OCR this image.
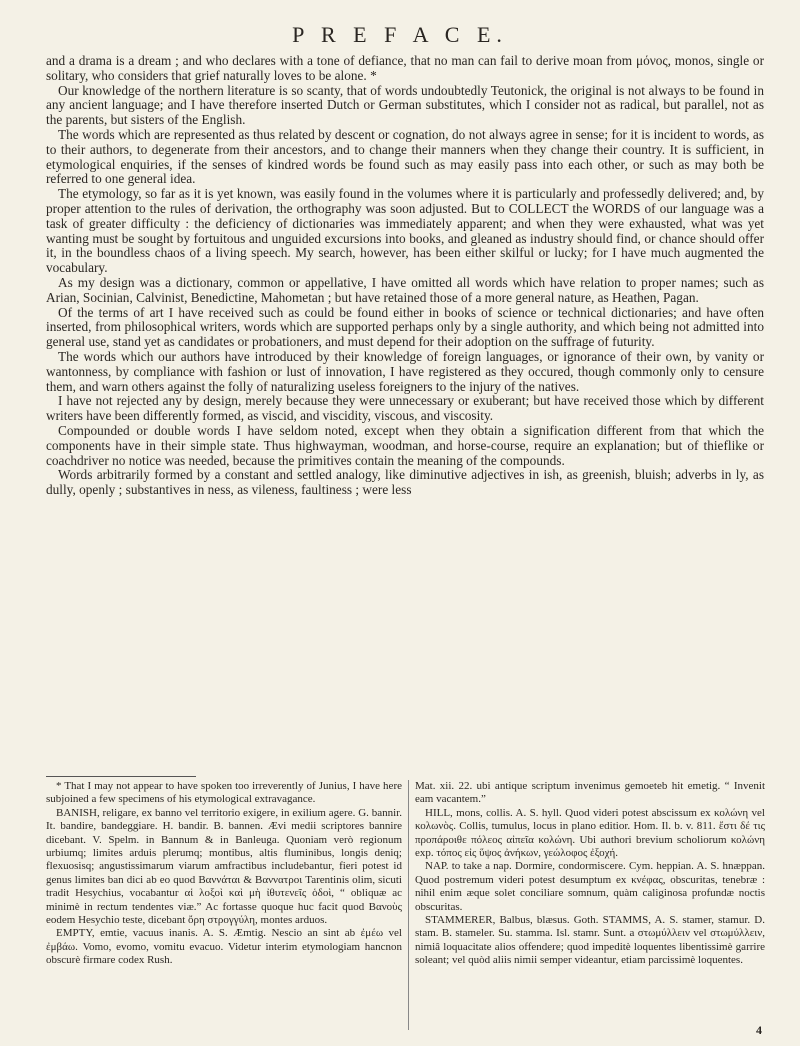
P R E F A C E.

and a drama is a dream ; and who declares with a tone of defiance, that no man can fail to derive moan from μόνος, monos, single or solitary, who considers that grief naturally loves to be alone. *

Our knowledge of the northern literature is so scanty, that of words undoubtedly Teutonick, the original is not always to be found in any ancient language; and I have therefore inserted Dutch or German substitutes, which I consider not as radical, but parallel, not as the parents, but sisters of the English.

The words which are represented as thus related by descent or cognation, do not always agree in sense; for it is incident to words, as to their authors, to degenerate from their ancestors, and to change their manners when they change their country. It is sufficient, in etymological enquiries, if the senses of kindred words be found such as may easily pass into each other, or such as may both be referred to one general idea.

The etymology, so far as it is yet known, was easily found in the volumes where it is particularly and professedly delivered; and, by proper attention to the rules of derivation, the orthography was soon adjusted. But to COLLECT the WORDS of our language was a task of greater difficulty : the deficiency of dictionaries was immediately apparent; and when they were exhausted, what was yet wanting must be sought by fortuitous and unguided excursions into books, and gleaned as industry should find, or chance should offer it, in the boundless chaos of a living speech. My search, however, has been either skilful or lucky; for I have much augmented the vocabulary.

As my design was a dictionary, common or appellative, I have omitted all words which have relation to proper names; such as Arian, Socinian, Calvinist, Benedictine, Mahometan ; but have retained those of a more general nature, as Heathen, Pagan.

Of the terms of art I have received such as could be found either in books of science or technical dictionaries; and have often inserted, from philosophical writers, words which are supported perhaps only by a single authority, and which being not admitted into general use, stand yet as candidates or probationers, and must depend for their adoption on the suffrage of futurity.

The words which our authors have introduced by their knowledge of foreign languages, or ignorance of their own, by vanity or wantonness, by compliance with fashion or lust of innovation, I have registered as they occured, though commonly only to censure them, and warn others against the folly of naturalizing useless foreigners to the injury of the natives.

I have not rejected any by design, merely because they were unnecessary or exuberant; but have received those which by different writers have been differently formed, as viscid, and viscidity, viscous, and viscosity.

Compounded or double words I have seldom noted, except when they obtain a signification different from that which the components have in their simple state. Thus highwayman, woodman, and horse-course, require an explanation; but of thieflike or coachdriver no notice was needed, because the primitives contain the meaning of the compounds.

Words arbitrarily formed by a constant and settled analogy, like diminutive adjectives in ish, as greenish, bluish; adverbs in ly, as dully, openly ; substantives in ness, as vileness, faultiness ; were less

* That I may not appear to have spoken too irreverently of Junius, I have here subjoined a few specimens of his etymological extravagance.

BANISH, religare, ex banno vel territorio exigere, in exilium agere. G. bannir. It. bandire, bandeggiare. H. bandir. B. bannen. Ævi medii scriptores bannire dicebant. V. Spelm. in Bannum & in Banleuga. Quoniam verò regionum urbiumq; limites arduis plerumq; montibus, altis fluminibus, longis deniq; flexuosisq; angustissimarum viarum amfractibus includebantur, fieri potest id genus limites ban dici ab eo quod Βαννάται & Βαννατροι Tarentinis olim, sicuti tradit Hesychius, vocabantur αἱ λοξοὶ καὶ μὴ ἰθυτενεῖς ὁδοὶ, “ obliquæ ac minimè in rectum tendentes viæ.” Ac fortasse quoque huc facit quod Βανοὺς eodem Hesychio teste, dicebant ὄρη στρογγύλη, montes arduos.

EMPTY, emtie, vacuus inanis. A. S. Æmtig. Nescio an sint ab ἐμέω vel ἐμβάω. Vomo, evomo, vomitu evacuo. Videtur interim etymologiam hancnon obscurè firmare codex Rush.

Mat. xii. 22. ubi antique scriptum invenimus gemoeteb hit emetig. “ Invenit eam vacantem.”

HILL, mons, collis. A. S. hyll. Quod videri potest abscissum ex κολώνη vel κολωνὸς. Collis, tumulus, locus in plano editior. Hom. Il. b. v. 811. ἔστι δέ τις προπάροιθε πόλεος αἰπεῖα κολώνη. Ubi authori brevium scholiorum κολώνη exp. τόπος εἰς ὕψος ἀνήκων, γεώλοφος ἐξοχή.

NAP. to take a nap. Dormire, condormiscere. Cym. heppian. A. S. hnæppan. Quod postremum videri potest desumptum ex κνέφας, obscuritas, tenebræ : nihil enim æque solet conciliare somnum, quàm caliginosa profundæ noctis obscuritas.

STAMMERER, Balbus, blæsus. Goth. STAMMS, A. S. stamer, stamur. D. stam. B. stameler. Su. stamma. Isl. stamr. Sunt. a στωμύλλειν vel στωμύλλειν, nimiâ loquacitate alios offendere; quod impeditè loquentes libentissimè garrire soleant; vel quòd aliis nimii semper videantur, etiam parcissimè loquentes.

4
